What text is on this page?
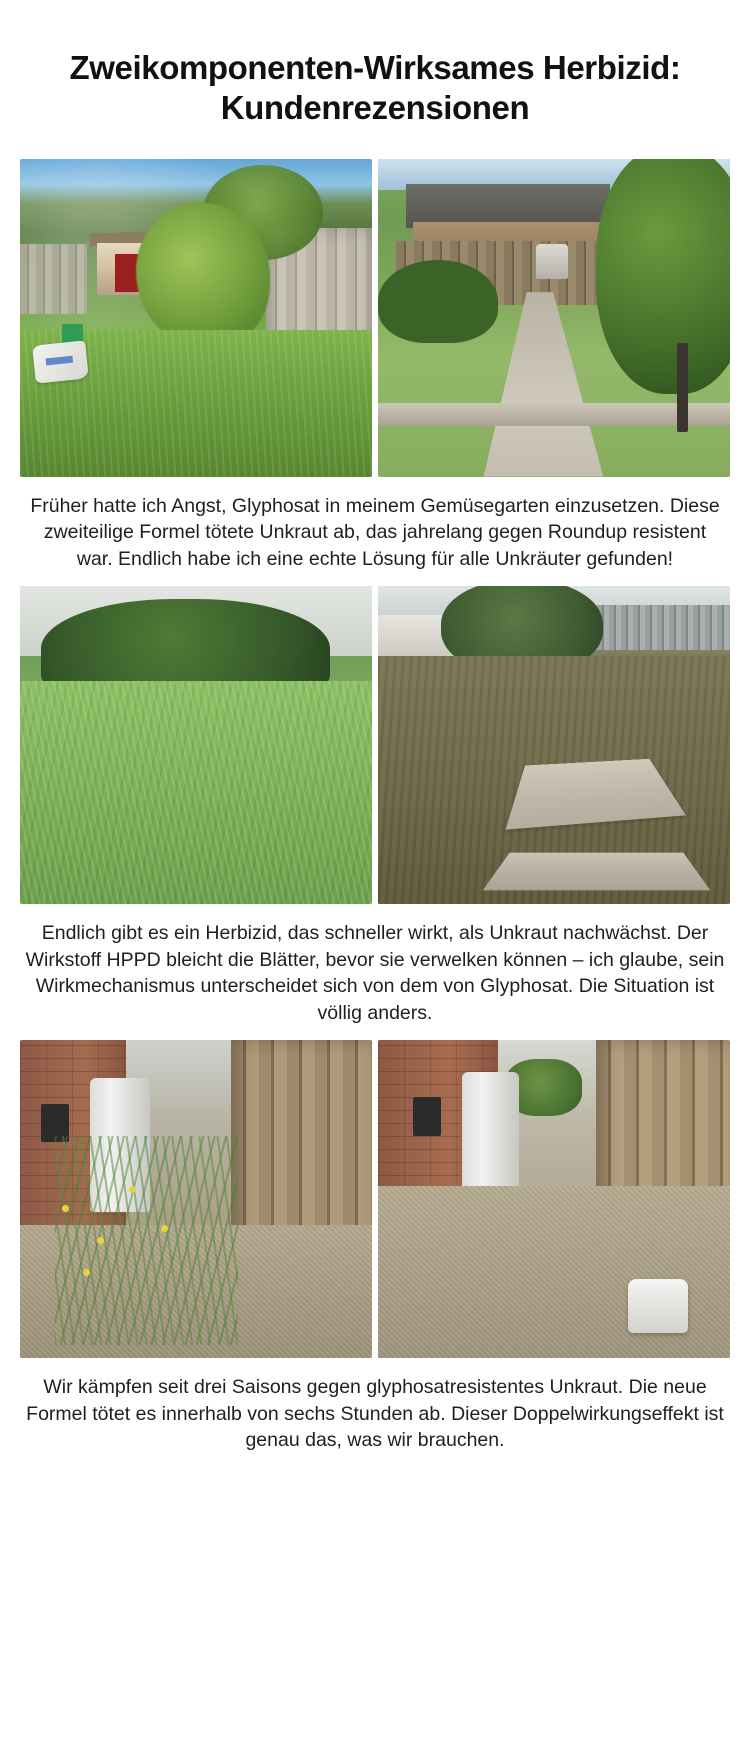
Zweikomponenten-Wirksames Herbizid: Kundenrezensionen

Früher hatte ich Angst, Glyphosat in meinem Gemüsegarten einzusetzen. Diese zweiteilige Formel tötete Unkraut ab, das jahrelang gegen Roundup resistent war. Endlich habe ich eine echte Lösung für alle Unkräuter gefunden!

Endlich gibt es ein Herbizid, das schneller wirkt, als Unkraut nachwächst. Der Wirkstoff HPPD bleicht die Blätter, bevor sie verwelken können – ich glaube, sein Wirkmechanismus unterscheidet sich von dem von Glyphosat. Die Situation ist völlig anders.

Wir kämpfen seit drei Saisons gegen glyphosatresistentes Unkraut. Die neue Formel tötet es innerhalb von sechs Stunden ab. Dieser Doppelwirkungseffekt ist genau das, was wir brauchen.
